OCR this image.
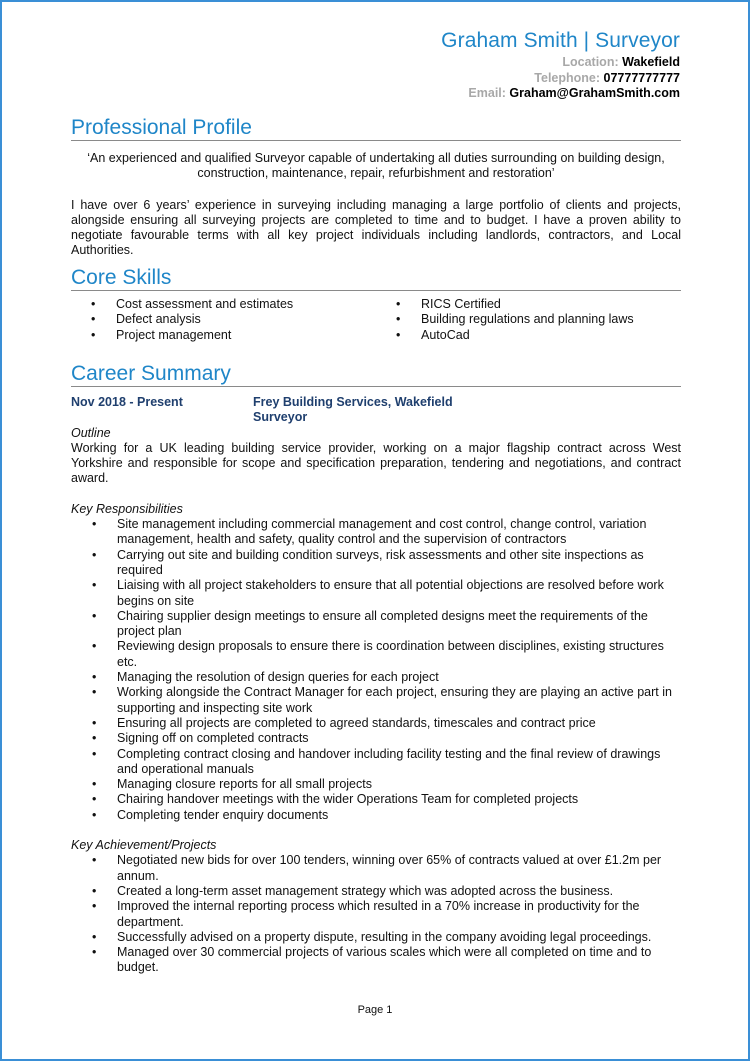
Graham Smith | Surveyor
Location: Wakefield
Telephone: 07777777777
Email: Graham@GrahamSmith.com
Professional Profile
‘An experienced and qualified Surveyor capable of undertaking all duties surrounding on building design, construction, maintenance, repair, refurbishment and restoration’
I have over 6 years’ experience in surveying including managing a large portfolio of clients and projects, alongside ensuring all surveying projects are completed to time and to budget. I have a proven ability to negotiate favourable terms with all key project individuals including landlords, contractors, and Local Authorities.
Core Skills
• Cost assessment and estimates
• Defect analysis
• Project management
• RICS Certified
• Building regulations and planning laws
• AutoCad
Career Summary
Nov 2018 - Present	Frey Building Services, Wakefield
Surveyor
Outline
Working for a UK leading building service provider, working on a major flagship contract across West Yorkshire and responsible for scope and specification preparation, tendering and negotiations, and contract award.
Key Responsibilities
• Site management including commercial management and cost control, change control, variation management, health and safety, quality control and the supervision of contractors
• Carrying out site and building condition surveys, risk assessments and other site inspections as required
• Liaising with all project stakeholders to ensure that all potential objections are resolved before work begins on site
• Chairing supplier design meetings to ensure all completed designs meet the requirements of the project plan
• Reviewing design proposals to ensure there is coordination between disciplines, existing structures etc.
• Managing the resolution of design queries for each project
• Working alongside the Contract Manager for each project, ensuring they are playing an active part in supporting and inspecting site work
• Ensuring all projects are completed to agreed standards, timescales and contract price
• Signing off on completed contracts
• Completing contract closing and handover including facility testing and the final review of drawings and operational manuals
• Managing closure reports for all small projects
• Chairing handover meetings with the wider Operations Team for completed projects
• Completing tender enquiry documents
Key Achievement/Projects
• Negotiated new bids for over 100 tenders, winning over 65% of contracts valued at over £1.2m per annum.
• Created a long-term asset management strategy which was adopted across the business.
• Improved the internal reporting process which resulted in a 70% increase in productivity for the department.
• Successfully advised on a property dispute, resulting in the company avoiding legal proceedings.
• Managed over 30 commercial projects of various scales which were all completed on time and to budget.
Page 1
